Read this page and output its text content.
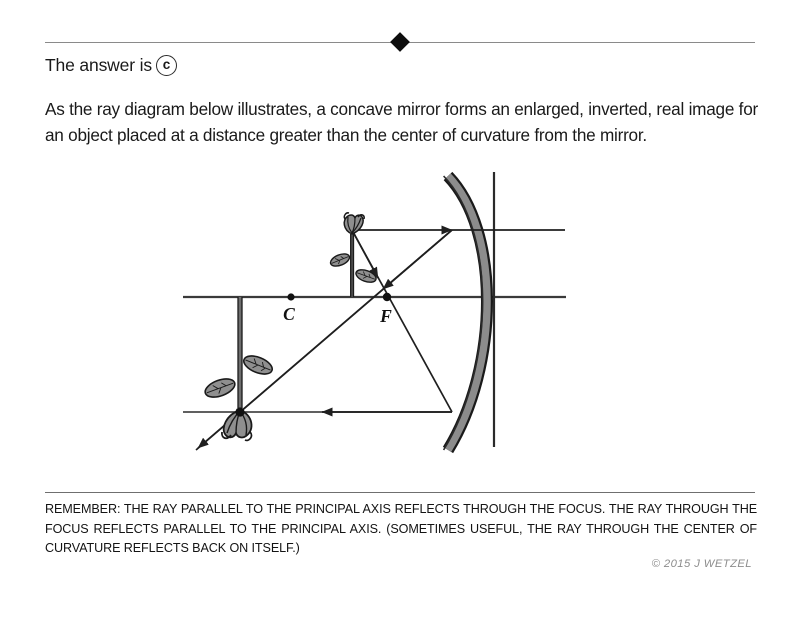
The answer is c
As the ray diagram below illustrates, a concave mirror forms an enlarged, inverted, real image for an object placed at a distance greater than the center of curvature from the mirror.
C	F
REMEMBER: THE RAY PARALLEL TO THE PRINCIPAL AXIS REFLECTS THROUGH THE FOCUS. THE RAY THROUGH THE FOCUS REFLECTS PARALLEL TO THE PRINCIPAL AXIS. (SOMETIMES USEFUL, THE RAY THROUGH THE CENTER OF CURVATURE REFLECTS BACK ON ITSELF.)
© 2015 J WETZEL
